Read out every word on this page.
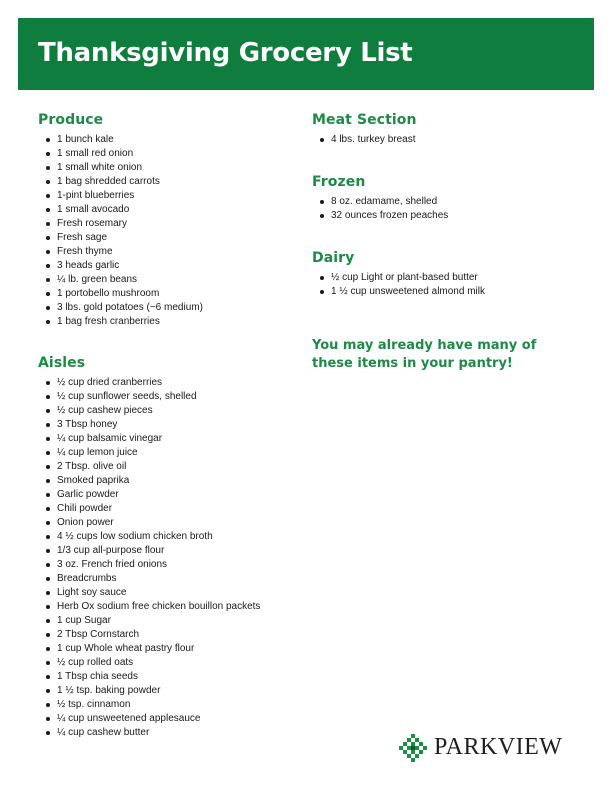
Thanksgiving Grocery List
Produce
1 bunch kale
1 small red onion
1 small white onion
1 bag shredded carrots
1-pint blueberries
1 small avocado
Fresh rosemary
Fresh sage
Fresh thyme
3 heads garlic
¼ lb. green beans
1 portobello mushroom
3 lbs. gold potatoes (~6 medium)
1 bag fresh cranberries
Aisles
½ cup dried cranberries
½ cup sunflower seeds, shelled
½ cup cashew pieces
3 Tbsp honey
¼ cup balsamic vinegar
¼ cup lemon juice
2 Tbsp. olive oil
Smoked paprika
Garlic powder
Chili powder
Onion power
4 ½ cups low sodium chicken broth
1/3 cup all-purpose flour
3 oz. French fried onions
Breadcrumbs
Light soy sauce
Herb Ox sodium free chicken bouillon packets
1 cup Sugar
2 Tbsp Cornstarch
1 cup Whole wheat pastry flour
½ cup rolled oats
1 Tbsp chia seeds
1 ½ tsp. baking powder
½ tsp. cinnamon
¼ cup unsweetened applesauce
¼ cup cashew butter
Meat Section
4 lbs. turkey breast
Frozen
8 oz. edamame, shelled
32 ounces frozen peaches
Dairy
½ cup Light or plant-based butter
1 ½ cup unsweetened almond milk
You may already have many of these items in your pantry!
PARKVIEW
